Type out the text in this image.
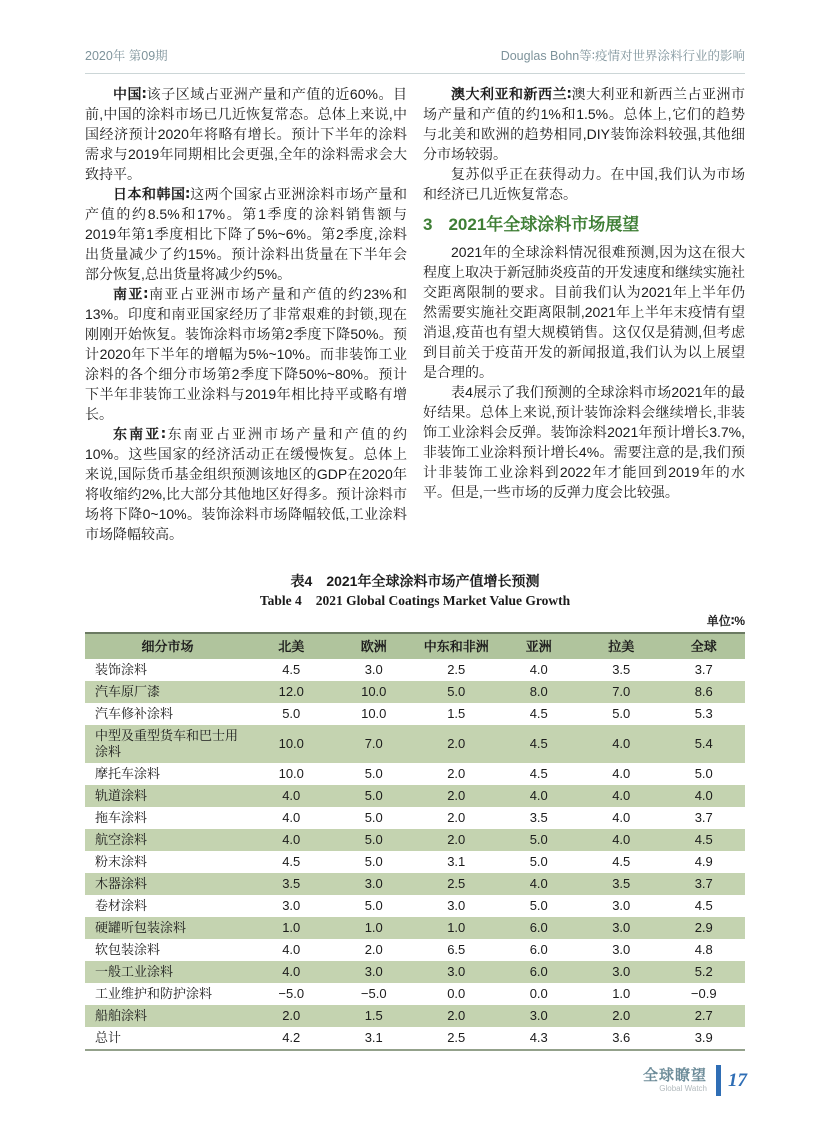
2020年 第09期	Douglas Bohn等∶疫情对世界涂料行业的影响

中国∶该子区域占亚洲产量和产值的近60%。目前,中国的涂料市场已几近恢复常态。总体上来说,中国经济预计2020年将略有增长。预计下半年的涂料需求与2019年同期相比会更强,全年的涂料需求会大致持平。

日本和韩国∶这两个国家占亚洲涂料市场产量和产值的约8.5%和17%。第1季度的涂料销售额与2019年第1季度相比下降了5%~6%。第2季度,涂料出货量减少了约15%。预计涂料出货量在下半年会部分恢复,总出货量将减少约5%。

南亚∶南亚占亚洲市场产量和产值的约23%和13%。印度和南亚国家经历了非常艰难的封锁,现在刚刚开始恢复。装饰涂料市场第2季度下降50%。预计2020年下半年的增幅为5%~10%。而非装饰工业涂料的各个细分市场第2季度下降50%~80%。预计下半年非装饰工业涂料与2019年相比持平或略有增长。

东南亚∶东南亚占亚洲市场产量和产值的约10%。这些国家的经济活动正在缓慢恢复。总体上来说,国际货币基金组织预测该地区的GDP在2020年将收缩约2%,比大部分其他地区好得多。预计涂料市场将下降0~10%。装饰涂料市场降幅较低,工业涂料市场降幅较高。

澳大利亚和新西兰∶澳大利亚和新西兰占亚洲市场产量和产值的约1%和1.5%。总体上,它们的趋势与北美和欧洲的趋势相同,DIY装饰涂料较强,其他细分市场较弱。

复苏似乎正在获得动力。在中国,我们认为市场和经济已几近恢复常态。

3 2021年全球涂料市场展望

2021年的全球涂料情况很难预测,因为这在很大程度上取决于新冠肺炎疫苗的开发速度和继续实施社交距离限制的要求。目前我们认为2021年上半年仍然需要实施社交距离限制,2021年上半年末疫情有望消退,疫苗也有望大规模销售。这仅仅是猜测,但考虑到目前关于疫苗开发的新闻报道,我们认为以上展望是合理的。

表4展示了我们预测的全球涂料市场2021年的最好结果。总体上来说,预计装饰涂料会继续增长,非装饰工业涂料会反弹。装饰涂料2021年预计增长3.7%,非装饰工业涂料预计增长4%。需要注意的是,我们预计非装饰工业涂料到2022年才能回到2019年的水平。但是,一些市场的反弹力度会比较强。

表4 2021年全球涂料市场产值增长预测
Table 4 2021 Global Coatings Market Value Growth
单位∶%
细分市场	北美	欧洲	中东和非洲	亚洲	拉美	全球
装饰涂料	4.5	3.0	2.5	4.0	3.5	3.7
汽车原厂漆	12.0	10.0	5.0	8.0	7.0	8.6
汽车修补涂料	5.0	10.0	1.5	4.5	5.0	5.3
中型及重型货车和巴士用涂料	10.0	7.0	2.0	4.5	4.0	5.4
摩托车涂料	10.0	5.0	2.0	4.5	4.0	5.0
轨道涂料	4.0	5.0	2.0	4.0	4.0	4.0
拖车涂料	4.0	5.0	2.0	3.5	4.0	3.7
航空涂料	4.0	5.0	2.0	5.0	4.0	4.5
粉末涂料	4.5	5.0	3.1	5.0	4.5	4.9
木器涂料	3.5	3.0	2.5	4.0	3.5	3.7
卷材涂料	3.0	5.0	3.0	5.0	3.0	4.5
硬罐听包装涂料	1.0	1.0	1.0	6.0	3.0	2.9
软包装涂料	4.0	2.0	6.5	6.0	3.0	4.8
一般工业涂料	4.0	3.0	3.0	6.0	3.0	5.2
工业维护和防护涂料	−5.0	−5.0	0.0	0.0	1.0	−0.9
船舶涂料	2.0	1.5	2.0	3.0	2.0	2.7
总计	4.2	3.1	2.5	4.3	3.6	3.9
全球瞭望
Global Watch 17
